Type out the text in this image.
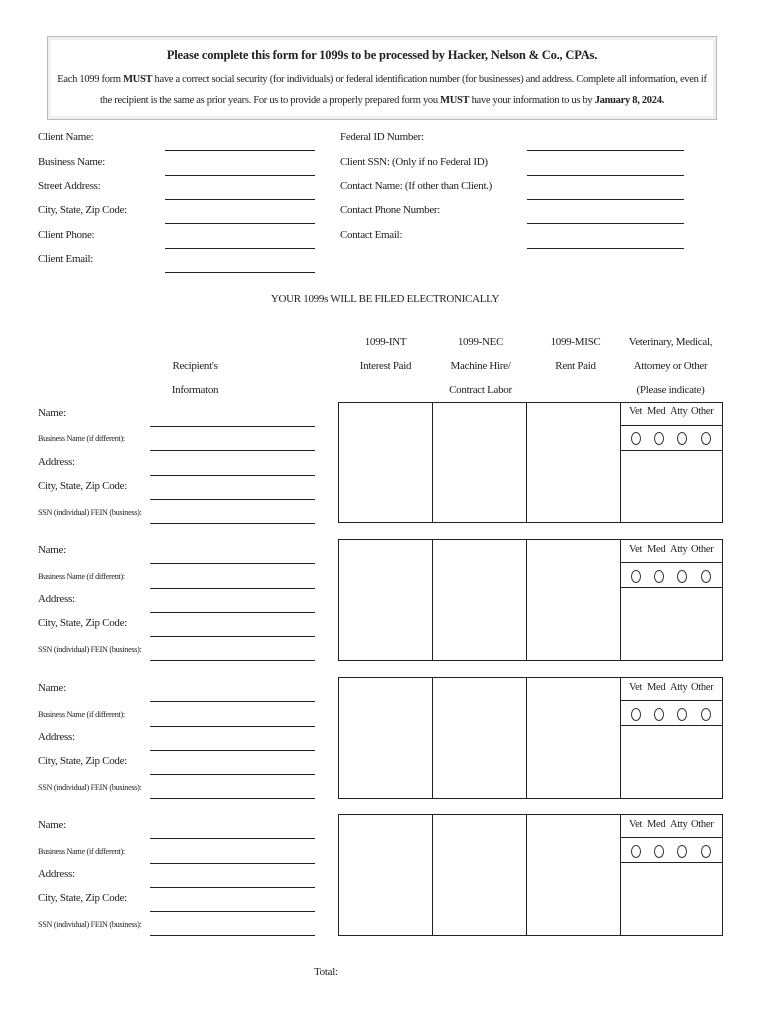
Please complete this form for 1099s to be processed by Hacker, Nelson & Co., CPAs.
Each 1099 form MUST have a correct social security (for individuals) or federal identification number (for businesses) and address. Complete all information, even if
the recipient is the same as prior years. For us to provide a properly prepared form you MUST have your information to us by January 8, 2024.
Client Name:
Business Name:
Street Address:
City, State, Zip Code:
Client Phone:
Client Email:
Federal ID Number:
Client SSN: (Only if no Federal ID)
Contact Name: (If other than Client.)
Contact Phone Number:
Contact Email:
YOUR 1099s WILL BE FILED ELECTRONICALLY
Recipient's Informaton
1099-INT
Interest Paid
1099-NEC
Machine Hire/
Contract Labor
1099-MISC
Rent Paid
Veterinary, Medical,
Attorney or Other
(Please indicate)
Name:
Business Name (if different):
Address:
City, State, Zip Code:
SSN (individual) FEIN (business):
Vet Med Atty Other
Name:
Business Name (if different):
Address:
City, State, Zip Code:
SSN (individual) FEIN (business):
Vet Med Atty Other
Name:
Business Name (if different):
Address:
City, State, Zip Code:
SSN (individual) FEIN (business):
Vet Med Atty Other
Name:
Business Name (if different):
Address:
City, State, Zip Code:
SSN (individual) FEIN (business):
Vet Med Atty Other
Total:
